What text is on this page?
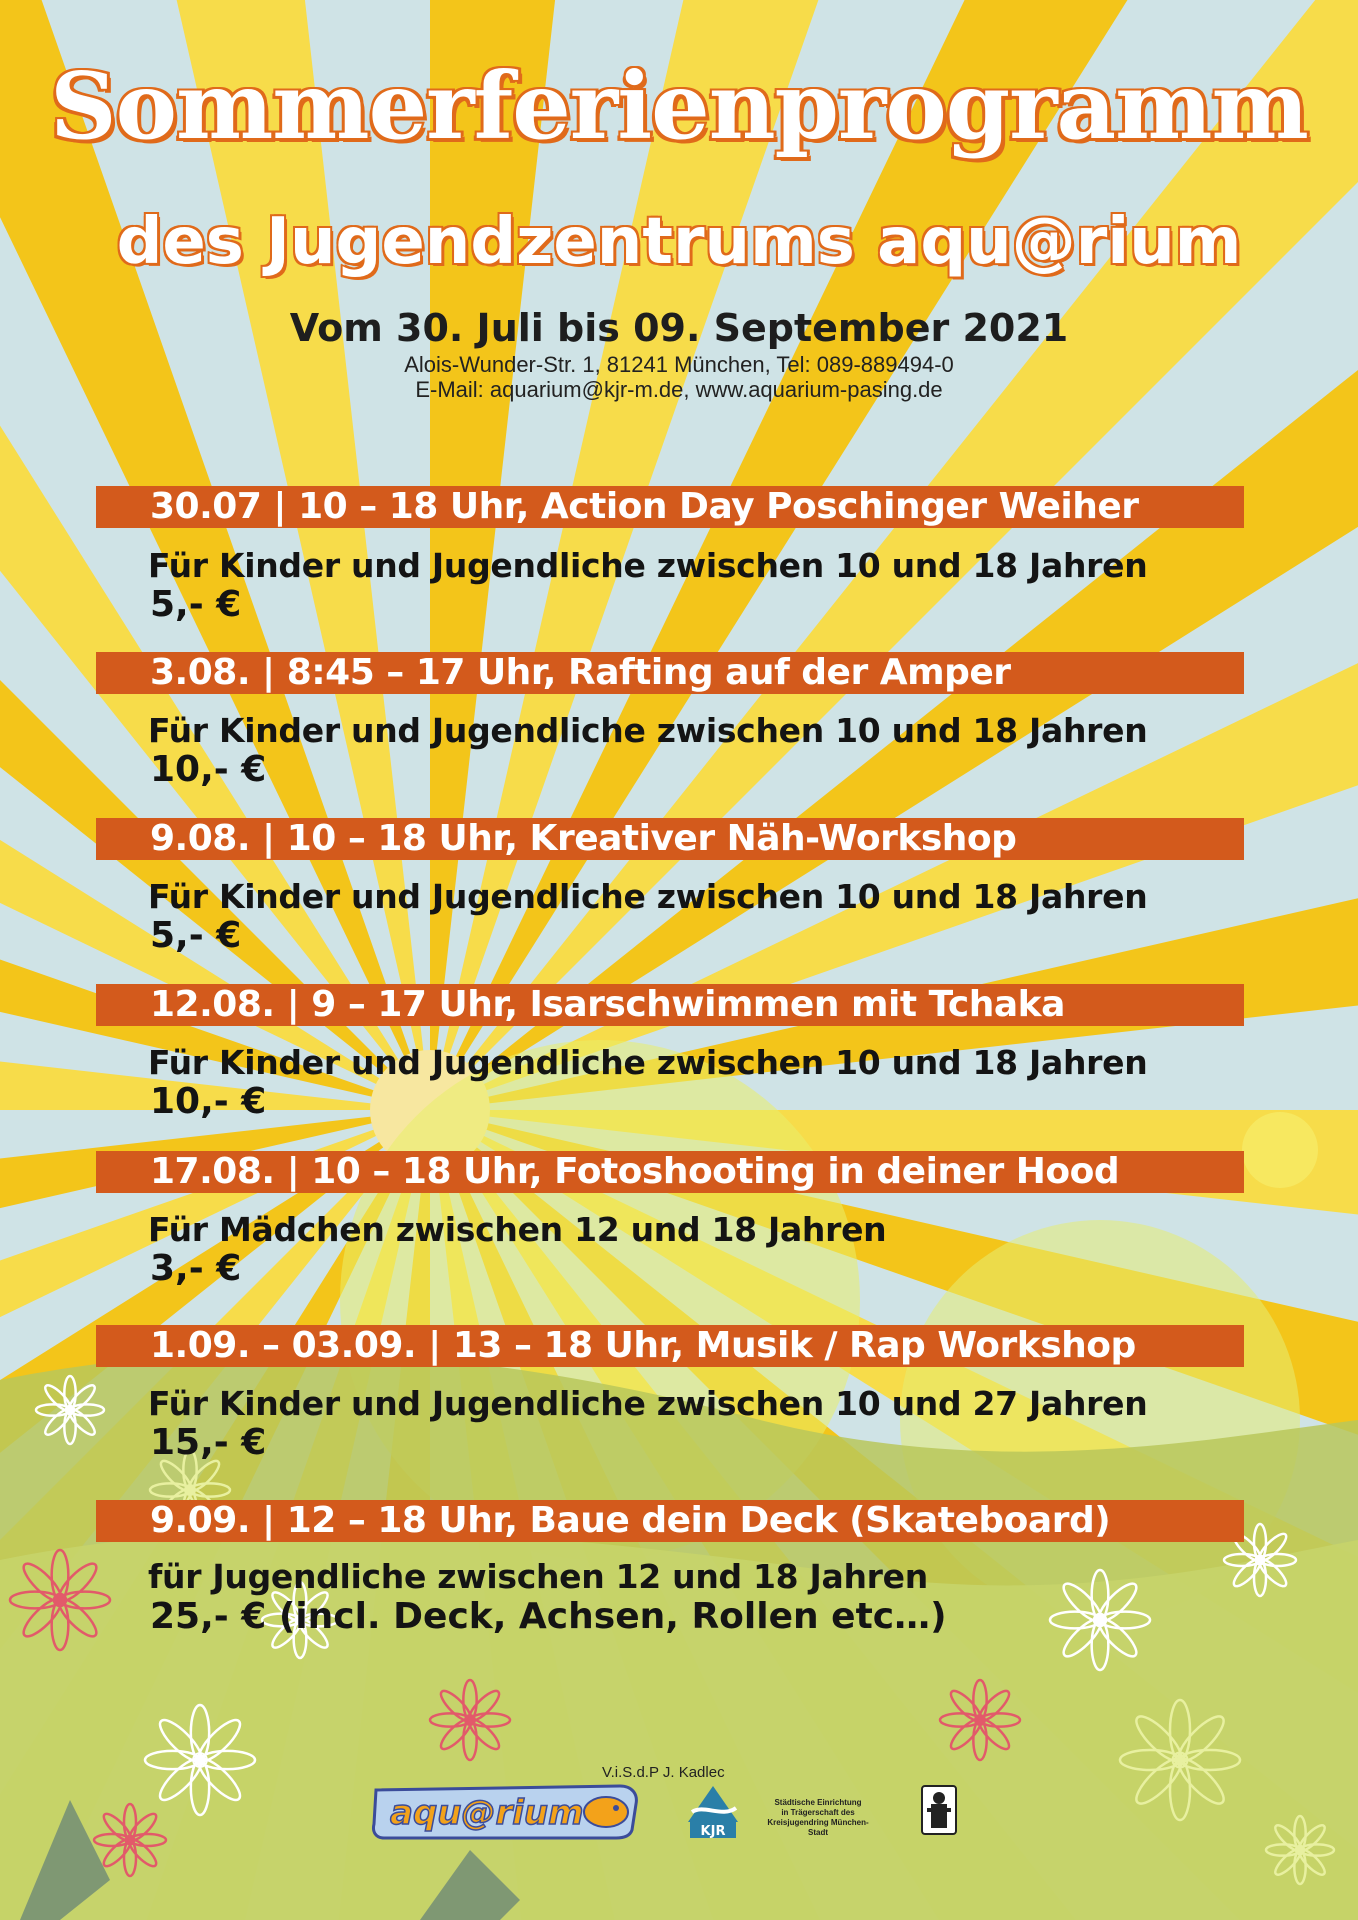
Sommerferienprogramm
des Jugendzentrums aqu@rium

Vom 30. Juli bis 09. September 2021

Alois-Wunder-Str. 1, 81241 München, Tel: 089-889494-0

E-Mail: aquarium@kjr-m.de, www.aquarium-pasing.de

30.07 | 10 – 18 Uhr, Action Day Poschinger Weiher
Für Kinder und Jugendliche zwischen 10 und 18 Jahren
5,- €
3.08. | 8:45 – 17 Uhr, Rafting auf der Amper
Für Kinder und Jugendliche zwischen 10 und 18 Jahren
10,- €
9.08. | 10 – 18 Uhr, Kreativer Näh-Workshop
Für Kinder und Jugendliche zwischen 10 und 18 Jahren
5,- €
12.08. | 9 – 17 Uhr, Isarschwimmen mit Tchaka
Für Kinder und Jugendliche zwischen 10 und 18 Jahren
10,- €
17.08. | 10 – 18 Uhr, Fotoshooting in deiner Hood
Für Mädchen zwischen 12 und 18 Jahren
3,- €
1.09. – 03.09. | 13 – 18 Uhr, Musik / Rap Workshop
Für Kinder und Jugendliche zwischen 10 und 27 Jahren
15,- €
9.09. | 12 – 18 Uhr, Baue dein Deck (Skateboard)
für Jugendliche zwischen 12 und 18 Jahren
25,- € (incl. Deck, Achsen, Rollen etc…)
V.i.S.d.P J. Kadlec
aqu@rium	KJR
Städtische Einrichtung
in Trägerschaft des
Kreisjugendring München-Stadt
